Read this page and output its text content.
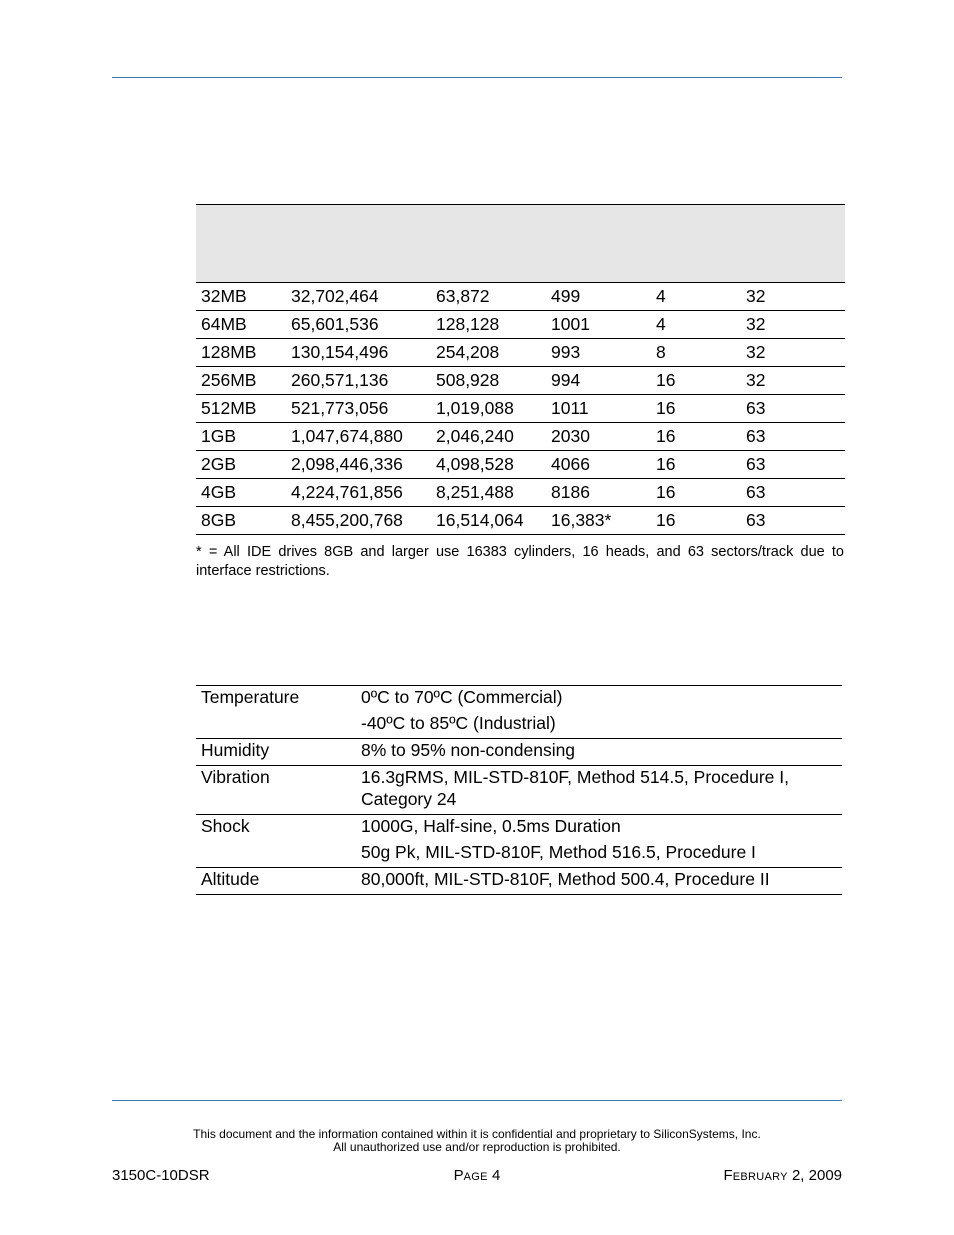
32MB	32,702,464	63,872	499	4	32
64MB	65,601,536	128,128	1001	4	32
128MB	130,154,496	254,208	993	8	32
256MB	260,571,136	508,928	994	16	32
512MB	521,773,056	1,019,088	1011	16	63
1GB	1,047,674,880	2,046,240	2030	16	63
2GB	2,098,446,336	4,098,528	4066	16	63
4GB	4,224,761,856	8,251,488	8186	16	63
8GB	8,455,200,768	16,514,064	16,383*	16	63
* = All IDE drives 8GB and larger use 16383 cylinders, 16 heads, and 63 sectors/track due to interface restrictions.
Temperature	0ºC to 70ºC (Commercial)
-40ºC to 85ºC (Industrial)
Humidity	8% to 95% non-condensing
Vibration	16.3gRMS, MIL-STD-810F, Method 514.5, Procedure I, Category 24
Shock	1000G, Half-sine, 0.5ms Duration
50g Pk, MIL-STD-810F, Method 516.5, Procedure I
Altitude	80,000ft, MIL-STD-810F, Method 500.4, Procedure II
This document and the information contained within it is confidential and proprietary to SiliconSystems, Inc.
All unauthorized use and/or reproduction is prohibited.
3150C-10DSR	PAGE 4	FEBRUARY 2, 2009
